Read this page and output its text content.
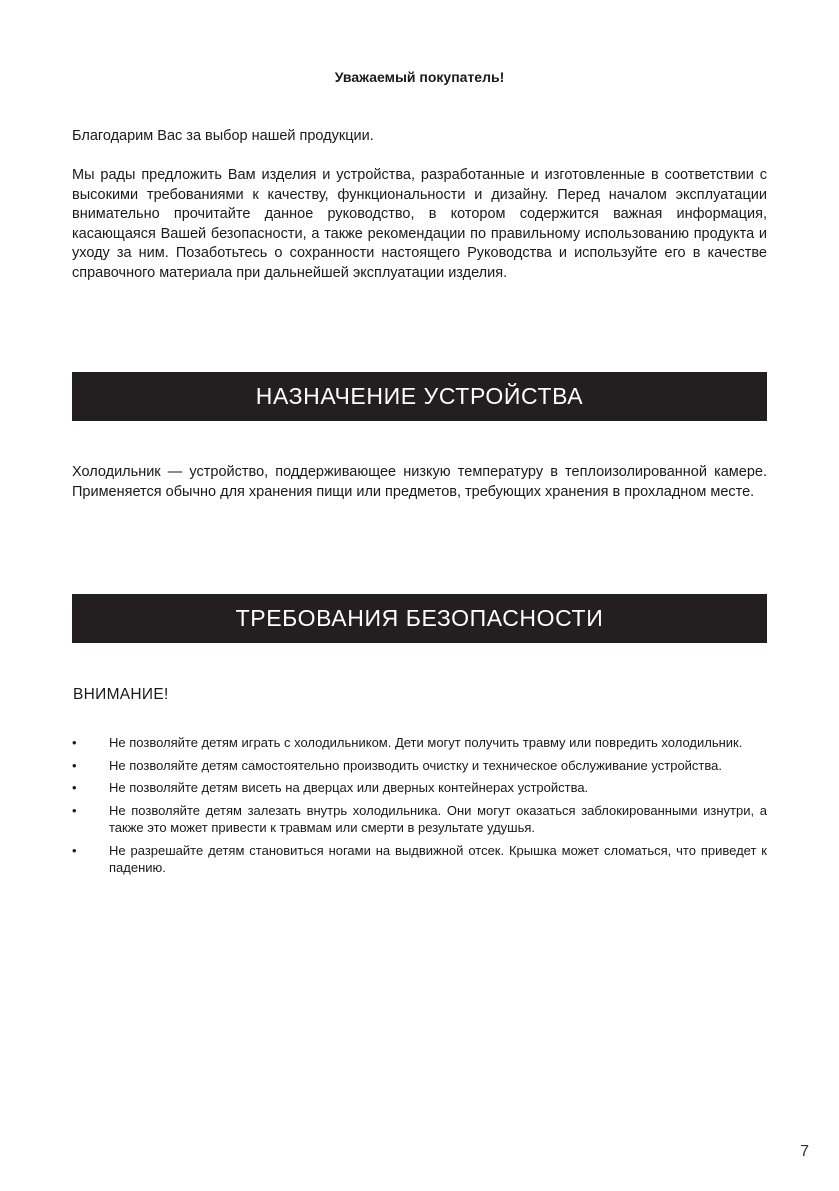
Уважаемый покупатель!

Благодарим Вас за выбор нашей продукции.

Мы рады предложить Вам изделия и устройства, разработанные и изготовленные в соответствии с высокими требованиями к качеству, функциональности и дизайну. Перед началом эксплуатации внимательно прочитайте данное руководство, в котором содержится важная информация, касающаяся Вашей безопасности, а также рекомендации по правильному использованию продукта и уходу за ним. Позаботьтесь о сохранности настоящего Руководства и используйте его в качестве справочного материала при дальнейшей эксплуатации изделия.

НАЗНАЧЕНИЕ УСТРОЙСТВА

Холодильник — устройство, поддерживающее низкую температуру в теплоизолированной камере. Применяется обычно для хранения пищи или предметов, требующих хранения в прохладном месте.

ТРЕБОВАНИЯ БЕЗОПАСНОСТИ
ВНИМАНИЕ!
•	Не позволяйте детям играть с холодильником. Дети могут получить травму или повредить холодильник.
•	Не позволяйте детям самостоятельно производить очистку и техническое обслуживание устройства.
•	Не позволяйте детям висеть на дверцах или дверных контейнерах устройства.
•	Не позволяйте детям залезать внутрь холодильника. Они могут оказаться заблокированными изнутри, а также это может привести к травмам или смерти в результате удушья.
•	Не разрешайте детям становиться ногами на выдвижной отсек. Крышка может сломаться, что приведет к падению.
7
